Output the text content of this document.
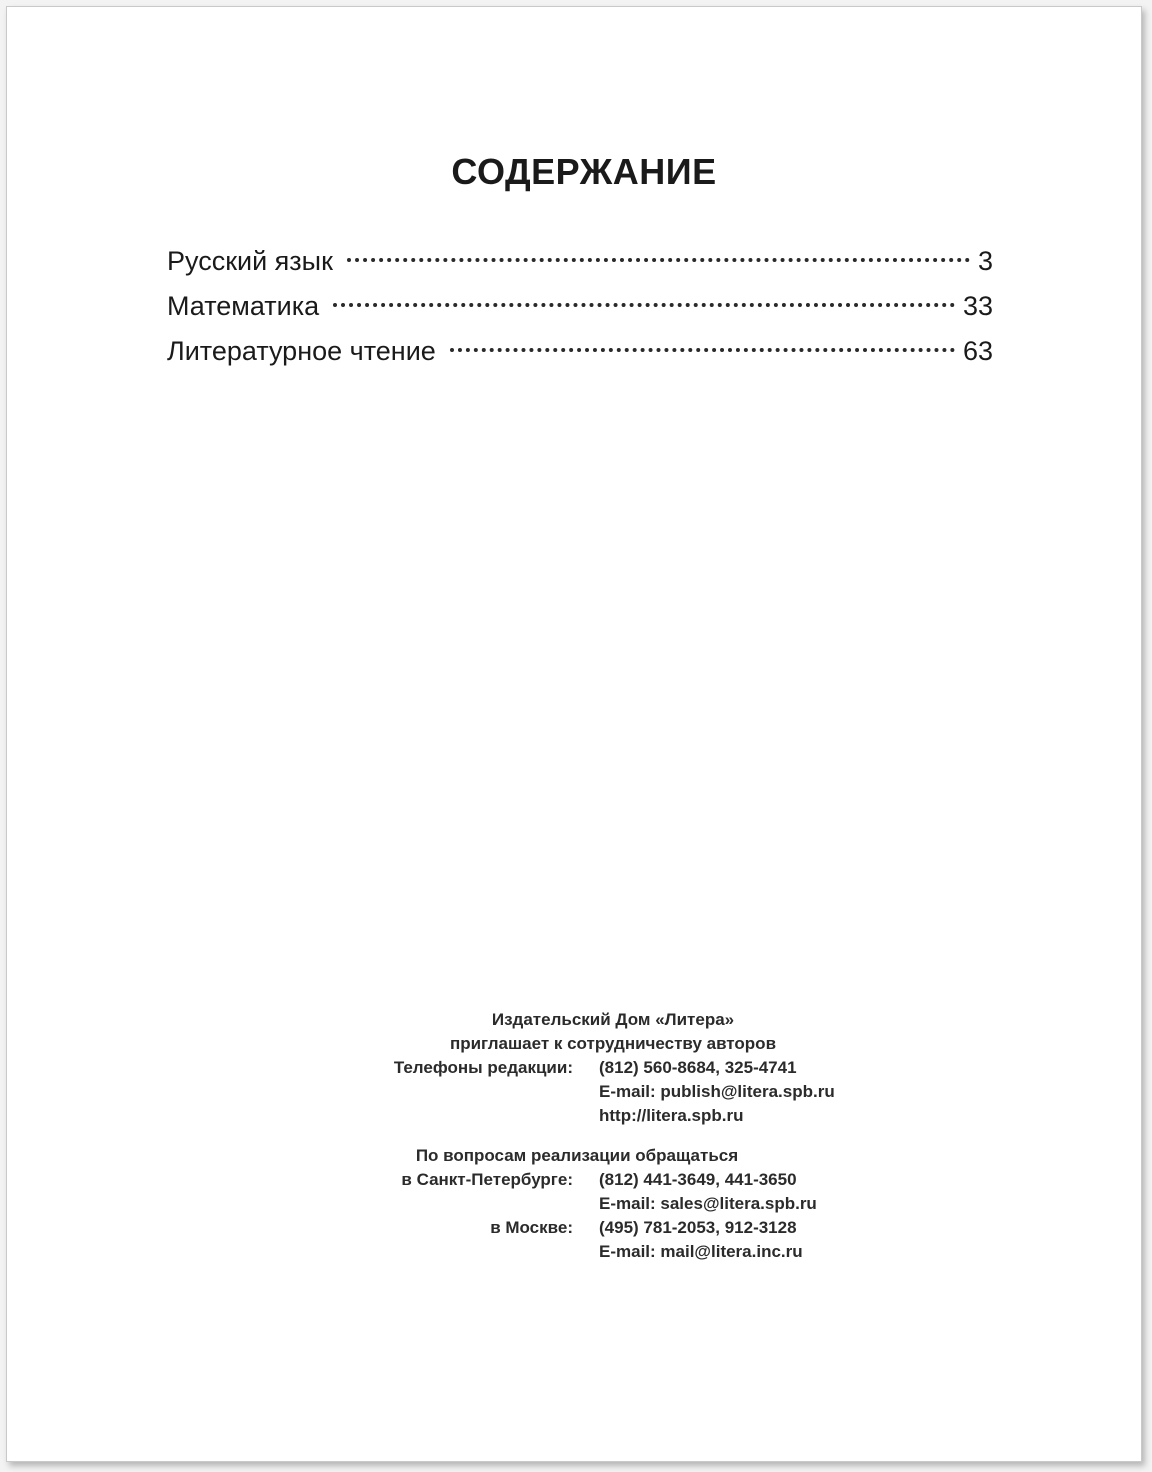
СОДЕРЖАНИЕ
Русский язык	3
Математика	33
Литературное чтение	63
Издательский Дом «Литера»
приглашает к сотрудничеству авторов
Телефоны редакции: (812) 560-8684, 325-4741
E-mail: publish@litera.spb.ru
http://litera.spb.ru
По вопросам реализации обращаться
в Санкт-Петербурге: (812) 441-3649, 441-3650
E-mail: sales@litera.spb.ru
в Москве: (495) 781-2053, 912-3128
E-mail: mail@litera.inc.ru
